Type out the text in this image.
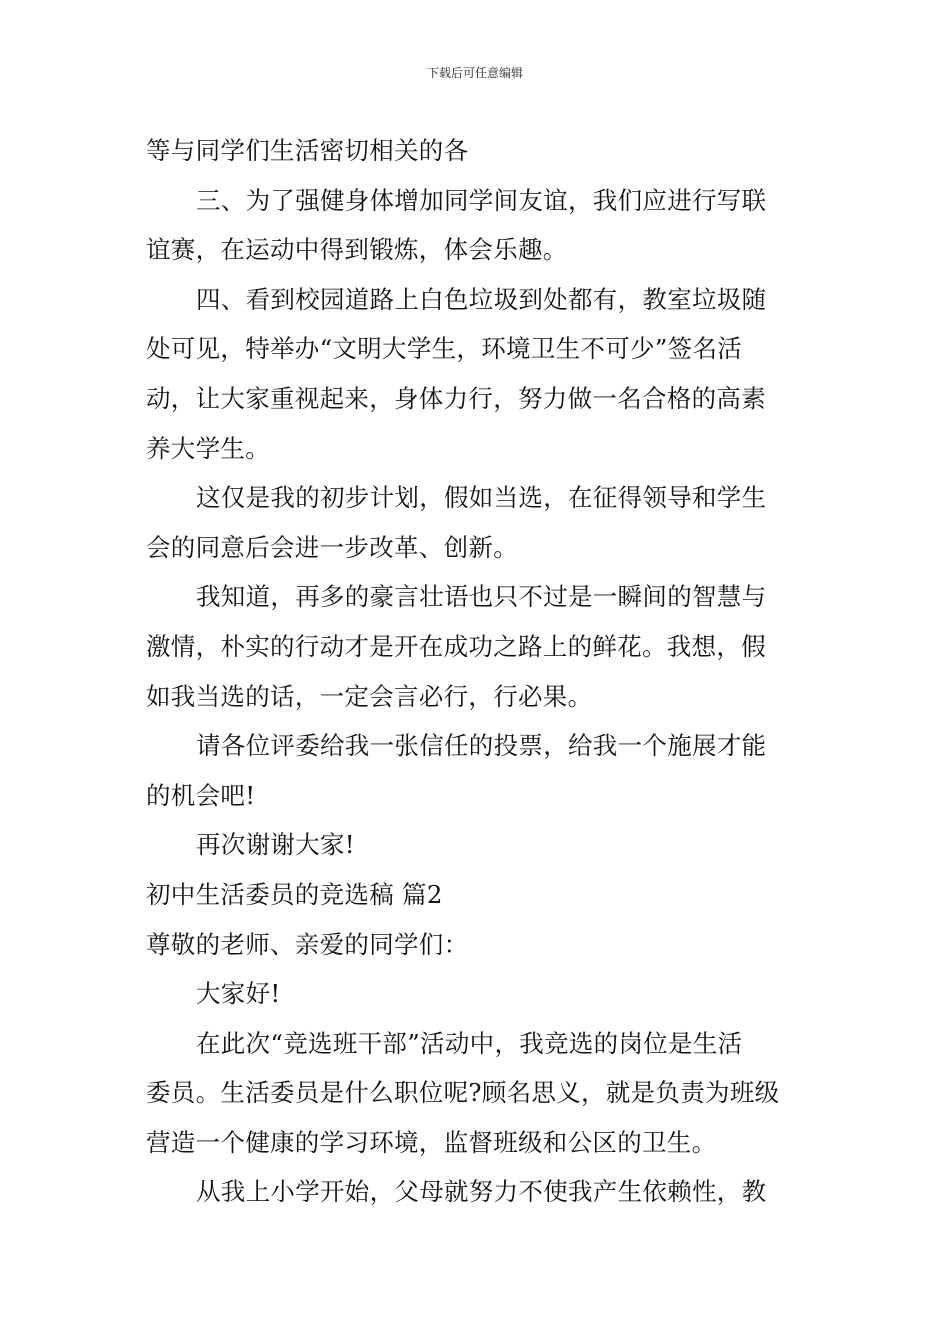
下载后可任意编辑
等与同学们生活密切相关的各
三、为了强健身体增加同学间友谊，我们应进行写联
谊赛，在运动中得到锻炼，体会乐趣。
四、看到校园道路上白色垃圾到处都有，教室垃圾随
处可见，特举办“文明大学生，环境卫生不可少”签名活
动，让大家重视起来，身体力行，努力做一名合格的高素
养大学生。
这仅是我的初步计划，假如当选，在征得领导和学生
会的同意后会进一步改革、创新。
我知道，再多的豪言壮语也只不过是一瞬间的智慧与
激情，朴实的行动才是开在成功之路上的鲜花。我想，假
如我当选的话，一定会言必行，行必果。
请各位评委给我一张信任的投票，给我一个施展才能
的机会吧!
再次谢谢大家!
初中生活委员的竞选稿 篇2
尊敬的老师、亲爱的同学们：
大家好!
在此次“竞选班干部”活动中，我竞选的岗位是生活
委员。生活委员是什么职位呢?顾名思义，就是负责为班级
营造一个健康的学习环境，监督班级和公区的卫生。
从我上小学开始，父母就努力不使我产生依赖性，教
